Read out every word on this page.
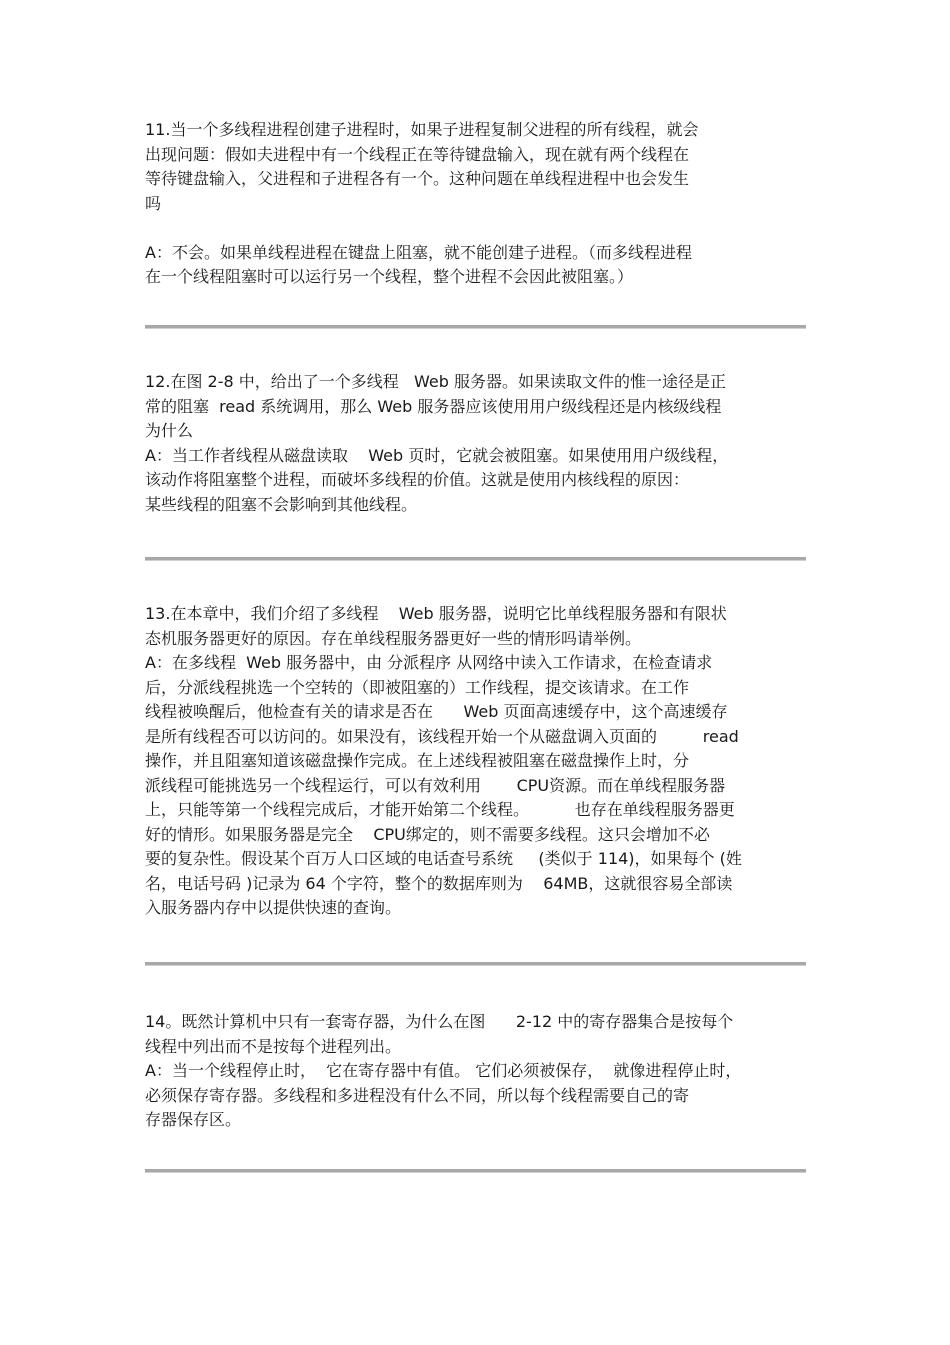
11.当一个多线程进程创建子进程时，如果子进程复制父进程的所有线程，就会
出现问题：假如夫进程中有一个线程正在等待键盘输入，现在就有两个线程在
等待键盘输入，父进程和子进程各有一个。这种问题在单线程进程中也会发生
吗
A：不会。如果单线程进程在键盘上阻塞，就不能创建子进程。（而多线程进程
在一个线程阻塞时可以运行另一个线程，整个进程不会因此被阻塞。）
12.在图 2-8 中，给出了一个多线程   Web 服务器。如果读取文件的惟一途径是正
常的阻塞  read 系统调用，那么 Web 服务器应该使用用户级线程还是内核级线程
为什么
A：当工作者线程从磁盘读取    Web 页时，它就会被阻塞。如果使用用户级线程，
该动作将阻塞整个进程，而破坏多线程的价值。这就是使用内核线程的原因：
某些线程的阻塞不会影响到其他线程。
13.在本章中，我们介绍了多线程    Web 服务器，说明它比单线程服务器和有限状
态机服务器更好的原因。存在单线程服务器更好一些的情形吗请举例。
A：在多线程  Web 服务器中，由 分派程序 从网络中读入工作请求，在检查请求
后，分派线程挑选一个空转的（即被阻塞的）工作线程，提交该请求。在工作
线程被唤醒后，他检查有关的请求是否在      Web 页面高速缓存中，这个高速缓存
是所有线程否可以访问的。如果没有，该线程开始一个从磁盘调入页面的         read
操作，并且阻塞知道该磁盘操作完成。在上述线程被阻塞在磁盘操作上时，分
派线程可能挑选另一个线程运行，可以有效利用       CPU资源。而在单线程服务器
上，只能等第一个线程完成后，才能开始第二个线程。         也存在单线程服务器更
好的情形。如果服务器是完全    CPU绑定的，则不需要多线程。这只会增加不必
要的复杂性。假设某个百万人口区域的电话查号系统     (类似于 114)，如果每个 (姓
名，电话号码 )记录为 64 个字符，整个的数据库则为    64MB，这就很容易全部读
入服务器内存中以提供快速的查询。
14。既然计算机中只有一套寄存器，为什么在图      2-12 中的寄存器集合是按每个
线程中列出而不是按每个进程列出。
A：当一个线程停止时，  它在寄存器中有值。 它们必须被保存，  就像进程停止时，
必须保存寄存器。多线程和多进程没有什么不同，所以每个线程需要自己的寄
存器保存区。
